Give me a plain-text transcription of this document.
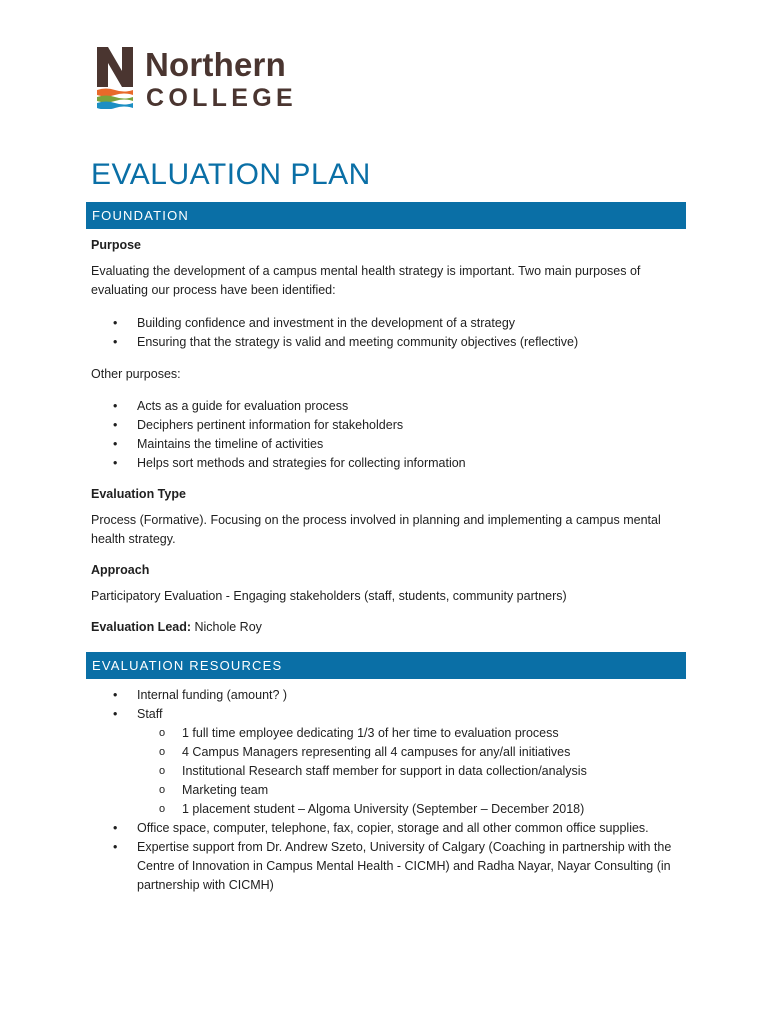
Northern
COLLEGE
EVALUATION PLAN
FOUNDATION

Purpose

Evaluating the development of a campus mental health strategy is important. Two main purposes of evaluating our process have been identified:

• Building confidence and investment in the development of a strategy
• Ensuring that the strategy is valid and meeting community objectives (reflective)

Other purposes:

• Acts as a guide for evaluation process
• Deciphers pertinent information for stakeholders
• Maintains the timeline of activities
• Helps sort methods and strategies for collecting information

Evaluation Type

Process (Formative). Focusing on the process involved in planning and implementing a campus mental health strategy.

Approach

Participatory Evaluation - Engaging stakeholders (staff, students, community partners)

Evaluation Lead: Nichole Roy

EVALUATION RESOURCES
• Internal funding (amount? )
• Staff
o 1 full time employee dedicating 1/3 of her time to evaluation process
o 4 Campus Managers representing all 4 campuses for any/all initiatives
o Institutional Research staff member for support in data collection/analysis
o Marketing team
o 1 placement student – Algoma University (September – December 2018)
• Office space, computer, telephone, fax, copier, storage and all other common office supplies.
• Expertise support from Dr. Andrew Szeto, University of Calgary (Coaching in partnership with the Centre of Innovation in Campus Mental Health - CICMH) and Radha Nayar, Nayar Consulting (in partnership with CICMH)
